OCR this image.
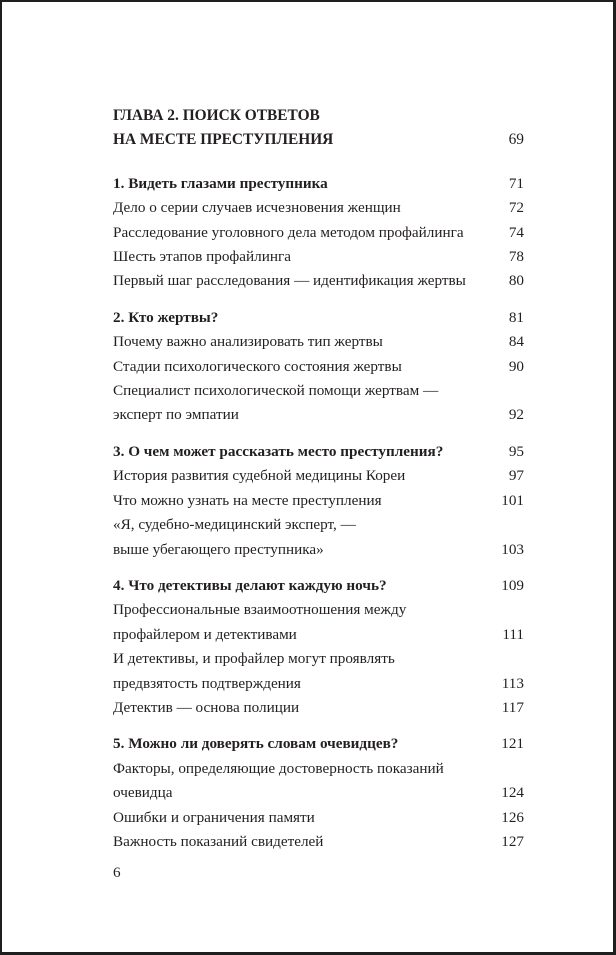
ГЛАВА 2. ПОИСК ОТВЕТОВ
НА МЕСТЕ ПРЕСТУПЛЕНИЯ	69
1. Видеть глазами преступника	71
Дело о серии случаев исчезновения женщин	72
Расследование уголовного дела методом профайлинга	74
Шесть этапов профайлинга	78
Первый шаг расследования — идентификация жертвы	80
2. Кто жертвы?	81
Почему важно анализировать тип жертвы	84
Стадии психологического состояния жертвы	90
Специалист психологической помощи жертвам —
эксперт по эмпатии	92
3. О чем может рассказать место преступления?	95
История развития судебной медицины Кореи	97
Что можно узнать на месте преступления	101
«Я, судебно-медицинский эксперт, —
выше убегающего преступника»	103
4. Что детективы делают каждую ночь?	109
Профессиональные взаимоотношения между
профайлером и детективами	111
И детективы, и профайлер могут проявлять
предвзятость подтверждения	113
Детектив — основа полиции	117
5. Можно ли доверять словам очевидцев?	121
Факторы, определяющие достоверность показаний
очевидца	124
Ошибки и ограничения памяти	126
Важность показаний свидетелей	127
6
